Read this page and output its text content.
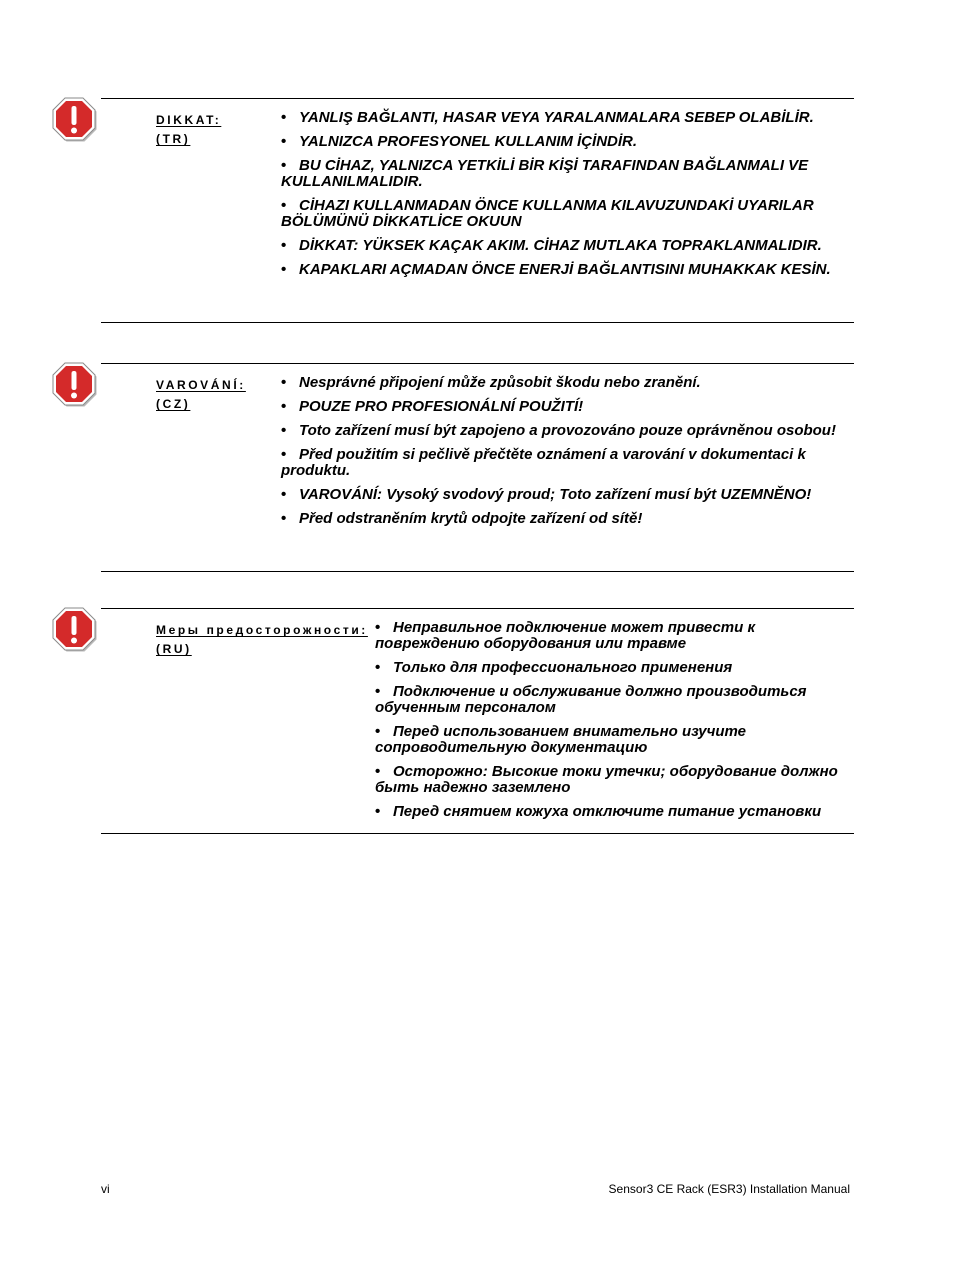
DIKKAT:
(TR)
• YANLIŞ BAĞLANTI, HASAR VEYA YARALANMALARA SEBEP OLABİLİR.
• YALNIZCA PROFESYONEL KULLANIM İÇİNDİR.
• BU CİHAZ, YALNIZCA YETKİLİ BİR KİŞİ TARAFINDAN BAĞLANMALI VE KULLANILMALIDIR.
• CİHAZI KULLANMADAN ÖNCE KULLANMA KILAVUZUNDAKİ UYARILAR BÖLÜMÜNÜ DİKKATLİCE OKUUN
• DİKKAT: YÜKSEK KAÇAK AKIM. CİHAZ MUTLAKA TOPRAKLANMALIDIR.
• KAPAKLARI AÇMADAN ÖNCE ENERJİ BAĞLANTISINI MUHAKKAK KESİN.
VAROVÁNÍ:
(CZ)
• Nesprávné připojení může způsobit škodu nebo zranění.
• POUZE PRO PROFESIONÁLNÍ POUŽITÍ!
• Toto zařízení musí být zapojeno a provozováno pouze oprávněnou osobou!
• Před použitím si pečlivě přečtěte oznámení a varování v dokumentaci k produktu.
• VAROVÁNÍ: Vysoký svodový proud; Toto zařízení musí být UZEMNĚNO!
• Před odstraněním krytů odpojte zařízení od sítě!
Меры предосторожности:
(RU)
• Неправильное подключение может привести к повреждению оборудования или травме
• Только для профессионального применения
• Подключение и обслуживание должно производиться обученным персоналом
• Перед использованием внимательно изучите сопроводительную документацию
• Осторожно: Высокие токи утечки; оборудование должно быть надежно заземлено
• Перед снятием кожуха отключите питание установки
vi	Sensor3 CE Rack (ESR3) Installation Manual
